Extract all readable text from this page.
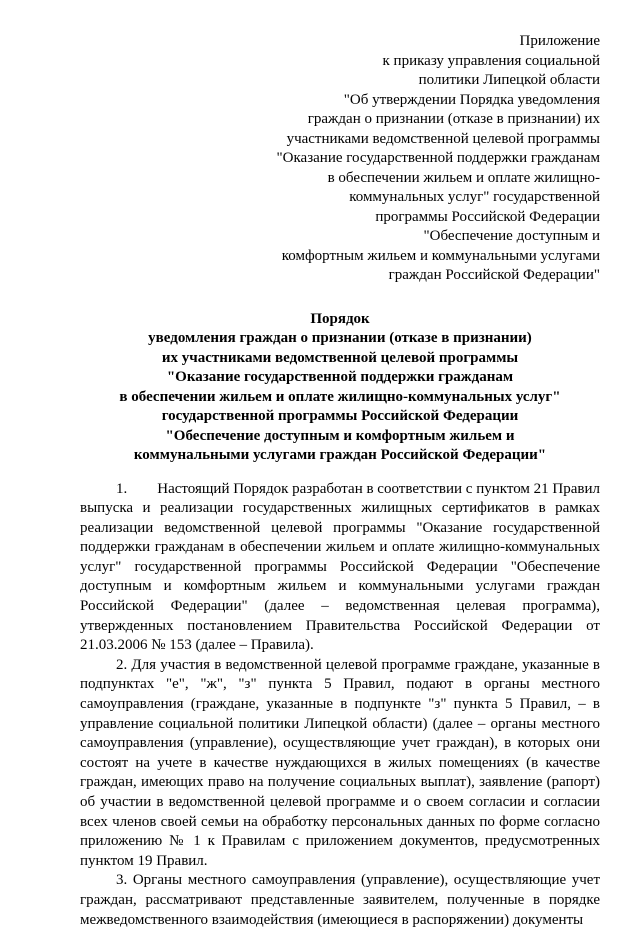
Приложение
к приказу управления социальной
политики Липецкой области
"Об утверждении Порядка уведомления
граждан о признании (отказе в признании) их
участниками ведомственной целевой программы
"Оказание государственной поддержки гражданам
в обеспечении жильем и оплате жилищно-
коммунальных услуг" государственной
программы Российской Федерации
"Обеспечение доступным и
комфортным жильем и коммунальными услугами
граждан Российской Федерации"
Порядок
уведомления граждан о признании (отказе в признании)
их участниками ведомственной целевой программы
"Оказание государственной поддержки гражданам
в обеспечении жильем и оплате жилищно-коммунальных услуг"
государственной программы Российской Федерации
"Обеспечение доступным и комфортным жильем и
коммунальными услугами граждан Российской Федерации"

1.        Настоящий Порядок разработан в соответствии с пунктом 21 Правил выпуска и реализации государственных жилищных сертификатов в рамках реализации ведомственной целевой программы "Оказание государственной поддержки гражданам в обеспечении жильем и оплате жилищно-коммунальных услуг" государственной программы Российской Федерации "Обеспечение доступным и комфортным жильем и коммунальными услугами граждан Российской Федерации" (далее – ведомственная целевая программа), утвержденных постановлением Правительства Российской Федерации от 21.03.2006 № 153 (далее – Правила).

2. Для участия в ведомственной целевой программе граждане, указанные в подпунктах "е", "ж", "з" пункта 5 Правил, подают в органы местного самоуправления (граждане, указанные в подпункте "з" пункта 5 Правил, – в управление социальной политики Липецкой области) (далее – органы местного самоуправления (управление), осуществляющие учет граждан), в которых они состоят на учете в качестве нуждающихся в жилых помещениях (в качестве граждан, имеющих право на получение социальных выплат), заявление (рапорт) об участии в ведомственной целевой программе и о своем согласии и согласии всех членов своей семьи на обработку персональных данных по форме согласно приложению № 1 к Правилам с приложением документов, предусмотренных пунктом 19 Правил.

3. Органы местного самоуправления (управление), осуществляющие учет граждан, рассматривают представленные заявителем, полученные в порядке межведомственного взаимодействия (имеющиеся в распоряжении) документы
